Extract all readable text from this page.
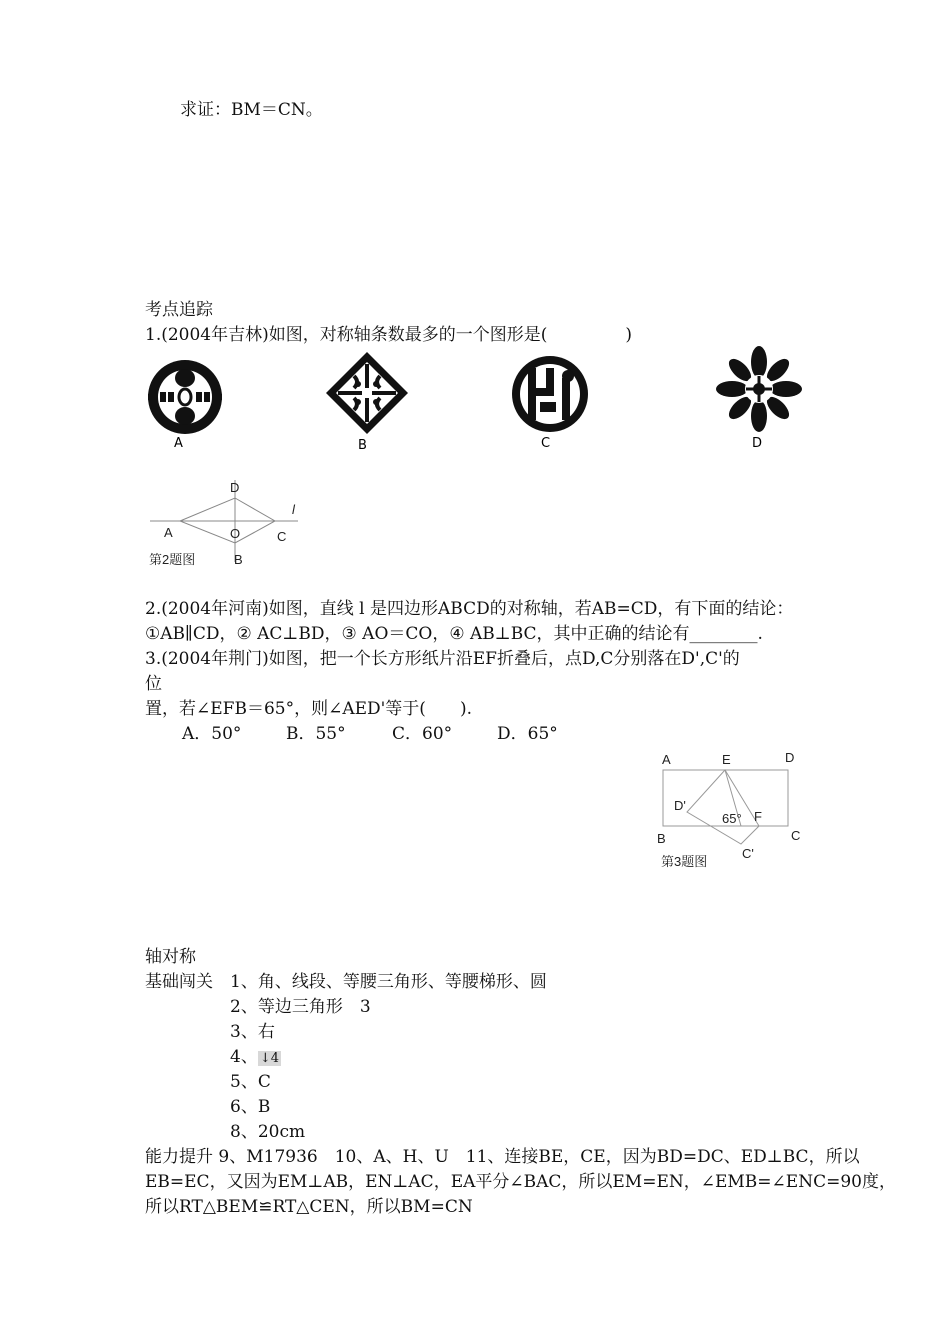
求证：BM＝CN。
考点追踪
1.(2004年吉林)如图，对称轴条数最多的一个图形是(	)
A	B	C	D
D
l
A	O	C
第2题图	B
2.(2004年河南)如图，直线 l 是四边形ABCD的对称轴，若AB=CD，有下面的结论：
①AB∥CD，② AC⊥BD，③ AO＝CO，④ AB⊥BC，其中正确的结论有________.
3.(2004年荆门)如图，把一个长方形纸片沿EF折叠后，点D,C分别落在D',C'的
位
置，若∠EFB＝65°，则∠AED'等于(　　).
A．50°	B．55°	C．60°	D．65°
A	E	D
D'
65° F
B	C
第3题图
C'
轴对称
基础闯关 1、角、线段、等腰三角形、等腰梯形、圆
2、等边三角形　3
3、右
4、 ↓4
5、C
6、B
8、20cm
能力提升 9、M17936　10、A、H、U　11、连接BE，CE，因为BD=DC、ED⊥BC，所以
EB=EC，又因为EM⊥AB，EN⊥AC，EA平分∠BAC，所以EM=EN，∠EMB=∠ENC=90度，
所以RT△BEM≌RT△CEN，所以BM=CN
